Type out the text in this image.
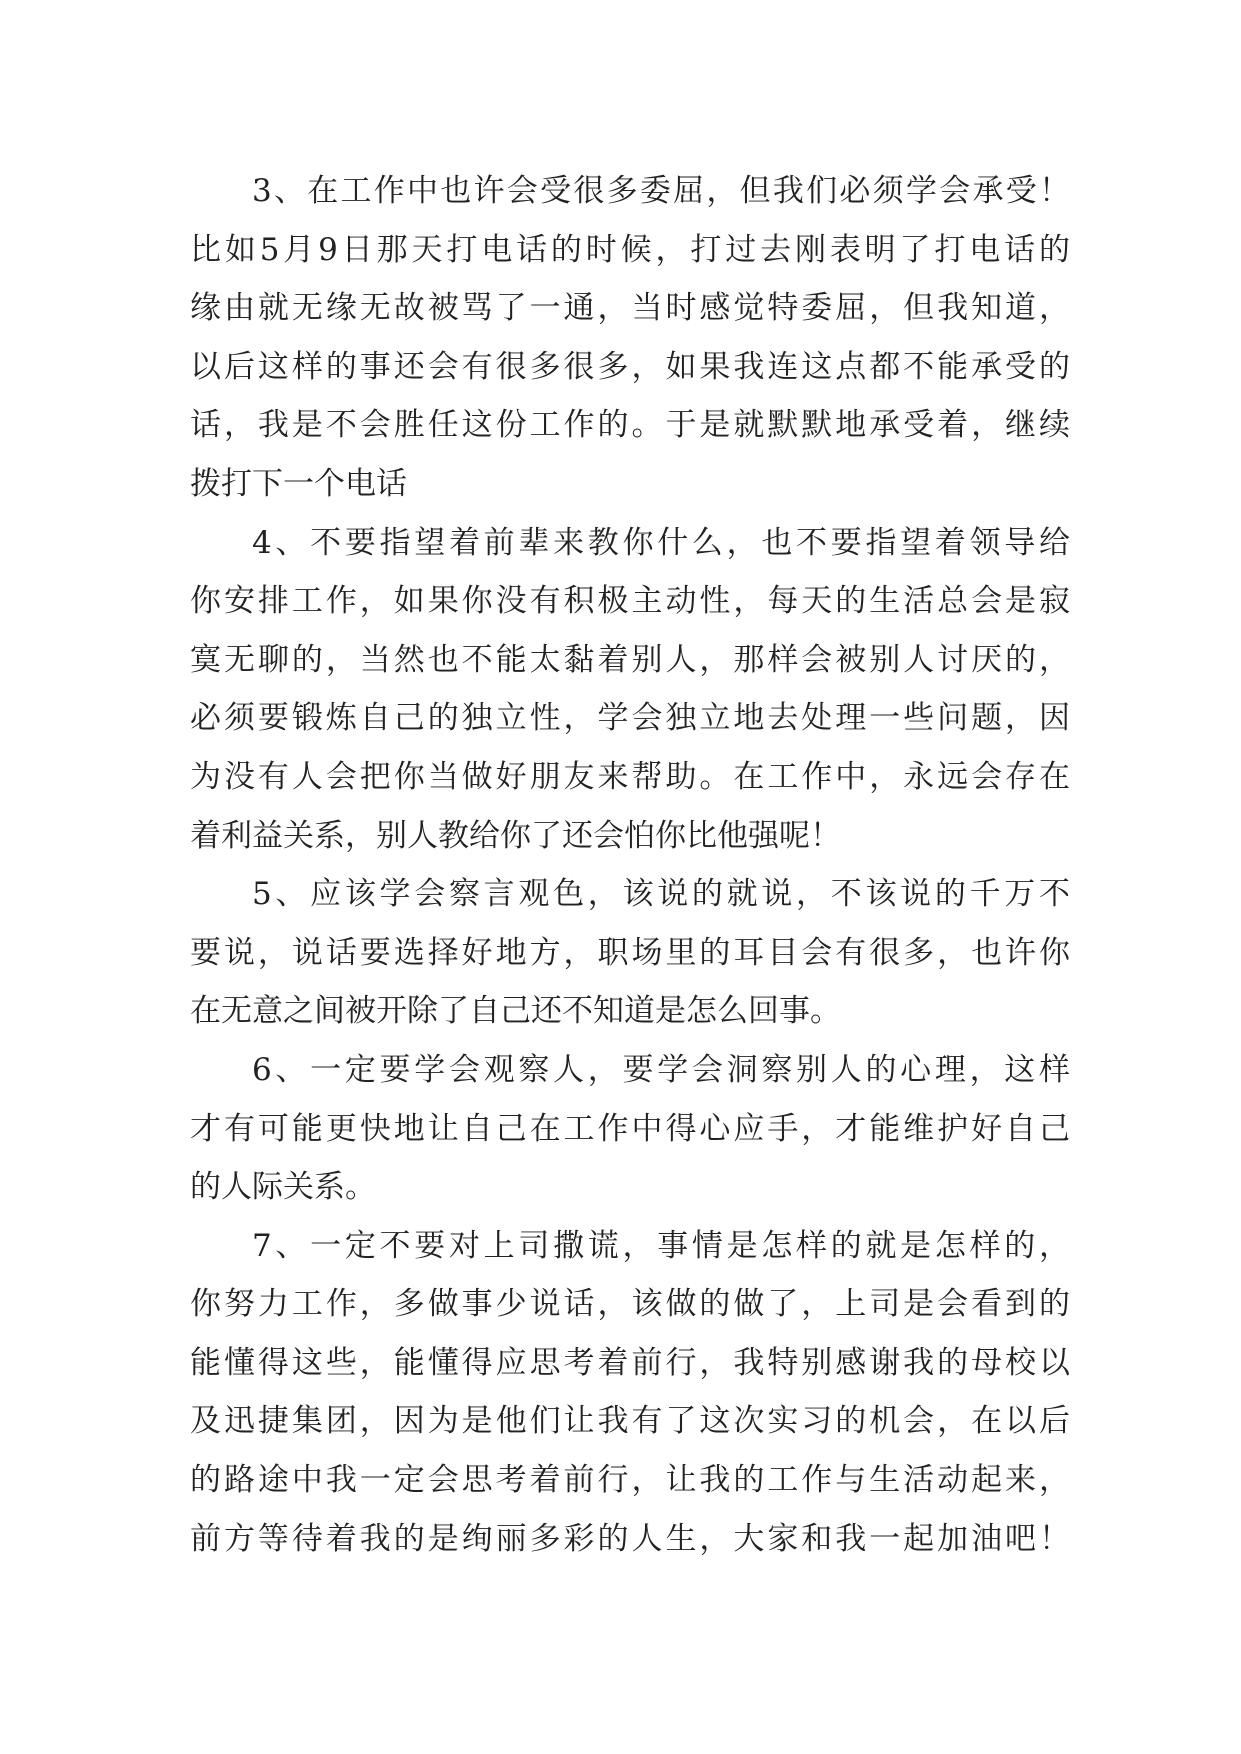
3、在工作中也许会受很多委屈，但我们必须学会承受！
比如5月9日那天打电话的时候，打过去刚表明了打电话的
缘由就无缘无故被骂了一通，当时感觉特委屈，但我知道，
以后这样的事还会有很多很多，如果我连这点都不能承受的
话，我是不会胜任这份工作的。于是就默默地承受着，继续
拨打下一个电话
4、不要指望着前辈来教你什么，也不要指望着领导给
你安排工作，如果你没有积极主动性，每天的生活总会是寂
寞无聊的，当然也不能太黏着别人，那样会被别人讨厌的，
必须要锻炼自己的独立性，学会独立地去处理一些问题，因
为没有人会把你当做好朋友来帮助。在工作中，永远会存在
着利益关系，别人教给你了还会怕你比他强呢！
5、应该学会察言观色，该说的就说，不该说的千万不
要说，说话要选择好地方，职场里的耳目会有很多，也许你
在无意之间被开除了自己还不知道是怎么回事。
6、一定要学会观察人，要学会洞察别人的心理，这样
才有可能更快地让自己在工作中得心应手，才能维护好自己
的人际关系。
7、一定不要对上司撒谎，事情是怎样的就是怎样的，
你努力工作，多做事少说话，该做的做了，上司是会看到的
能懂得这些，能懂得应思考着前行，我特别感谢我的母校以
及迅捷集团，因为是他们让我有了这次实习的机会，在以后
的路途中我一定会思考着前行，让我的工作与生活动起来，
前方等待着我的是绚丽多彩的人生，大家和我一起加油吧！
